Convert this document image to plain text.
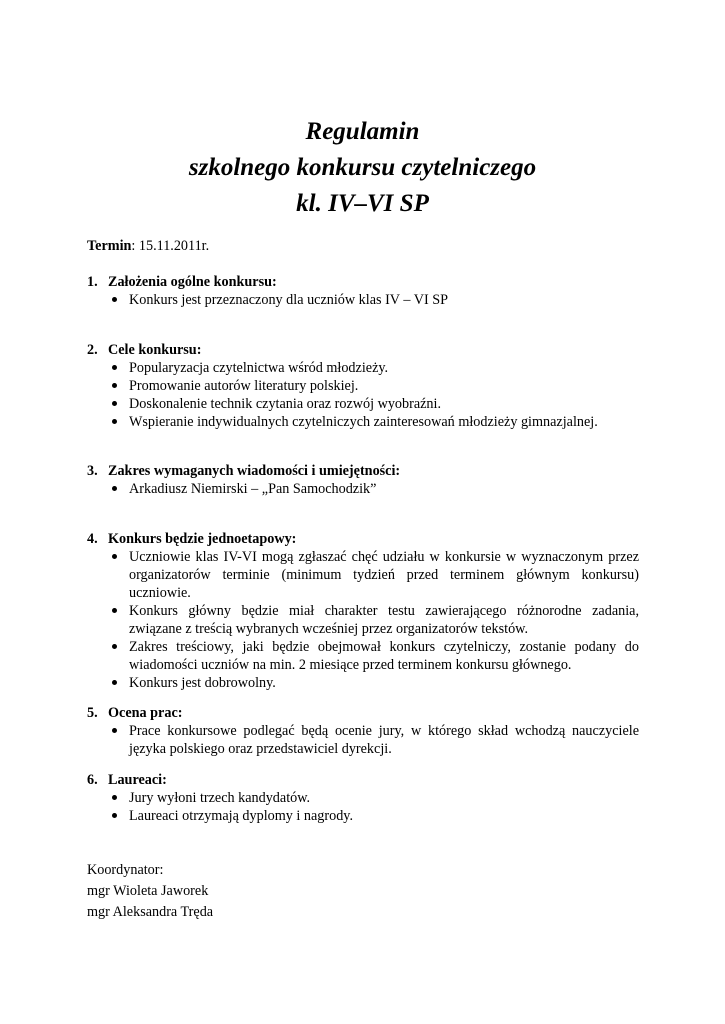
Regulamin
szkolnego konkursu czytelniczego
kl. IV–VI SP
Termin: 15.11.2011r.
1. Założenia ogólne konkursu:
Konkurs jest przeznaczony dla uczniów klas IV – VI SP
2. Cele konkursu:
Popularyzacja czytelnictwa wśród młodzieży.
Promowanie autorów literatury polskiej.
Doskonalenie technik czytania oraz rozwój wyobraźni.
Wspieranie indywidualnych czytelniczych zainteresowań młodzieży gimnazjalnej.
3. Zakres wymaganych wiadomości i umiejętności:
Arkadiusz Niemirski – „Pan Samochodzik”
4. Konkurs będzie jednoetapowy:
Uczniowie klas IV-VI mogą zgłaszać chęć udziału w konkursie w wyznaczonym przez organizatorów terminie (minimum tydzień przed terminem głównym konkursu) uczniowie.
Konkurs główny będzie miał charakter testu zawierającego różnorodne zadania, związane z treścią wybranych wcześniej przez organizatorów tekstów.
Zakres treściowy, jaki będzie obejmował konkurs czytelniczy, zostanie podany do wiadomości uczniów na min. 2 miesiące przed terminem konkursu głównego.
Konkurs jest dobrowolny.
5. Ocena prac:
Prace konkursowe podlegać będą ocenie jury, w którego skład wchodzą nauczyciele języka polskiego oraz przedstawiciel dyrekcji.
6. Laureaci:
Jury wyłoni trzech kandydatów.
Laureaci otrzymają dyplomy i nagrody.
Koordynator:
mgr Wioleta Jaworek
mgr Aleksandra Tręda
